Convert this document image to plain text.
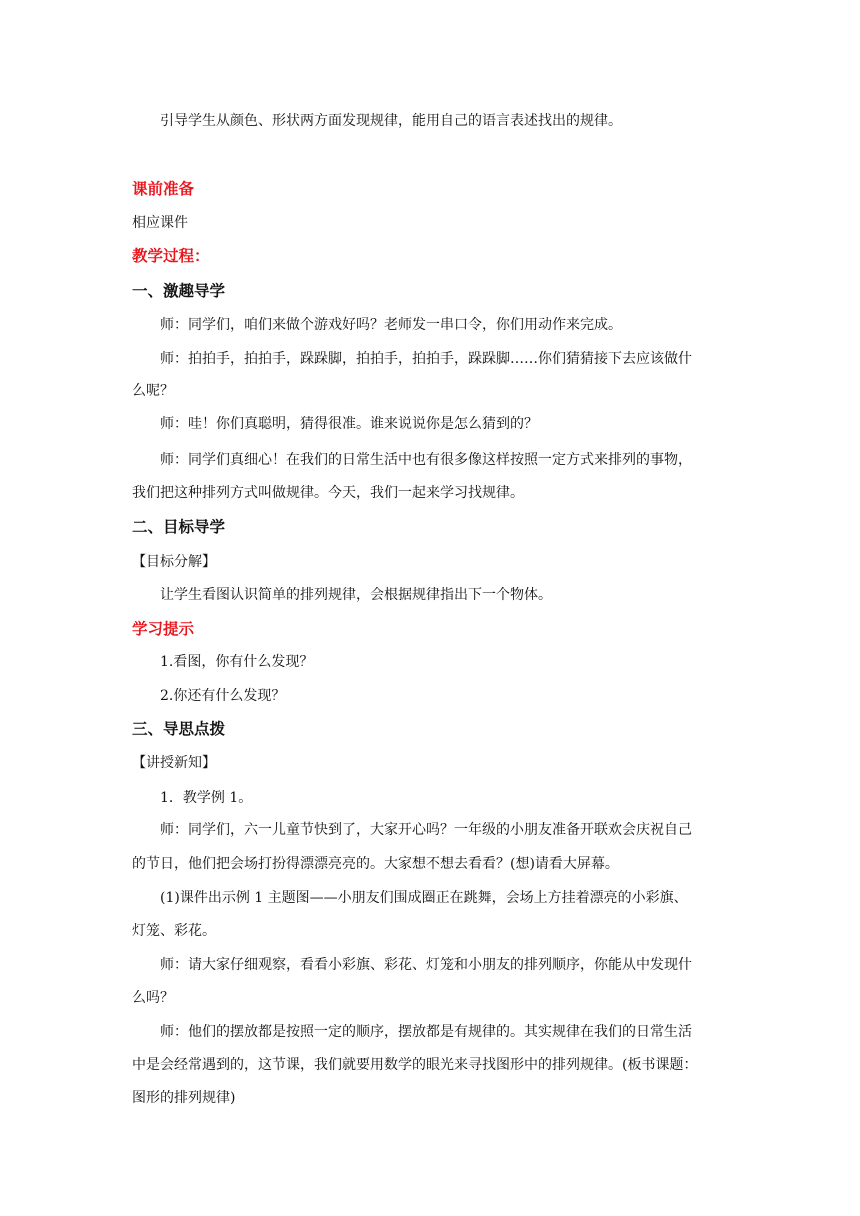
引导学生从颜色、形状两方面发现规律，能用自己的语言表述找出的规律。
课前准备
相应课件
教学过程：
一、激趣导学
师：同学们，咱们来做个游戏好吗？老师发一串口令，你们用动作来完成。
师：拍拍手，拍拍手，跺跺脚，拍拍手，拍拍手，跺跺脚……你们猜猜接下去应该做什
么呢？
师：哇！你们真聪明，猜得很准。谁来说说你是怎么猜到的？
师：同学们真细心！在我们的日常生活中也有很多像这样按照一定方式来排列的事物，
我们把这种排列方式叫做规律。今天，我们一起来学习找规律。
二、目标导学
【目标分解】
让学生看图认识简单的排列规律，会根据规律指出下一个物体。
学习提示
1.看图，你有什么发现？
2.你还有什么发现？
三、导思点拨
【讲授新知】
1．教学例 1。
师：同学们，六一儿童节快到了，大家开心吗？一年级的小朋友准备开联欢会庆祝自己
的节日，他们把会场打扮得漂漂亮亮的。大家想不想去看看？(想)请看大屏幕。
(1)课件出示例 1 主题图——小朋友们围成圈正在跳舞，会场上方挂着漂亮的小彩旗、
灯笼、彩花。
师：请大家仔细观察，看看小彩旗、彩花、灯笼和小朋友的排列顺序，你能从中发现什
么吗？
师：他们的摆放都是按照一定的顺序，摆放都是有规律的。其实规律在我们的日常生活
中是会经常遇到的，这节课，我们就要用数学的眼光来寻找图形中的排列规律。(板书课题：
图形的排列规律)
